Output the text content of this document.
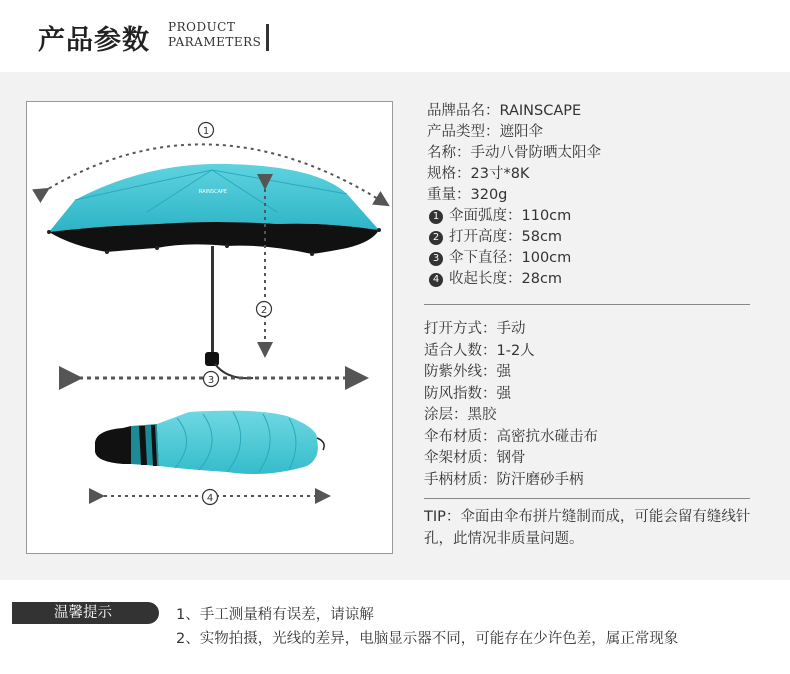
产品参数 PRODUCT
PARAMETERS
RAINSCAPE
1
2
3
4
品牌品名：RAINSCAPE
产品类型：遮阳伞
名称：手动八骨防晒太阳伞
规格：23寸*8K
重量：320g
1 伞面弧度：110cm
2 打开高度：58cm
3 伞下直径：100cm
4 收起长度：28cm
打开方式：手动
适合人数：1-2人
防紫外线：强
防风指数：强
涂层：黑胶
伞布材质：高密抗水碰击布
伞架材质：钢骨
手柄材质：防汗磨砂手柄
TIP：伞面由伞布拼片缝制而成，可能会留有缝线针孔，此情况非质量问题。
温馨提示	1、手工测量稍有误差，请谅解
2、实物拍摄，光线的差异，电脑显示器不同，可能存在少许色差，属正常现象
